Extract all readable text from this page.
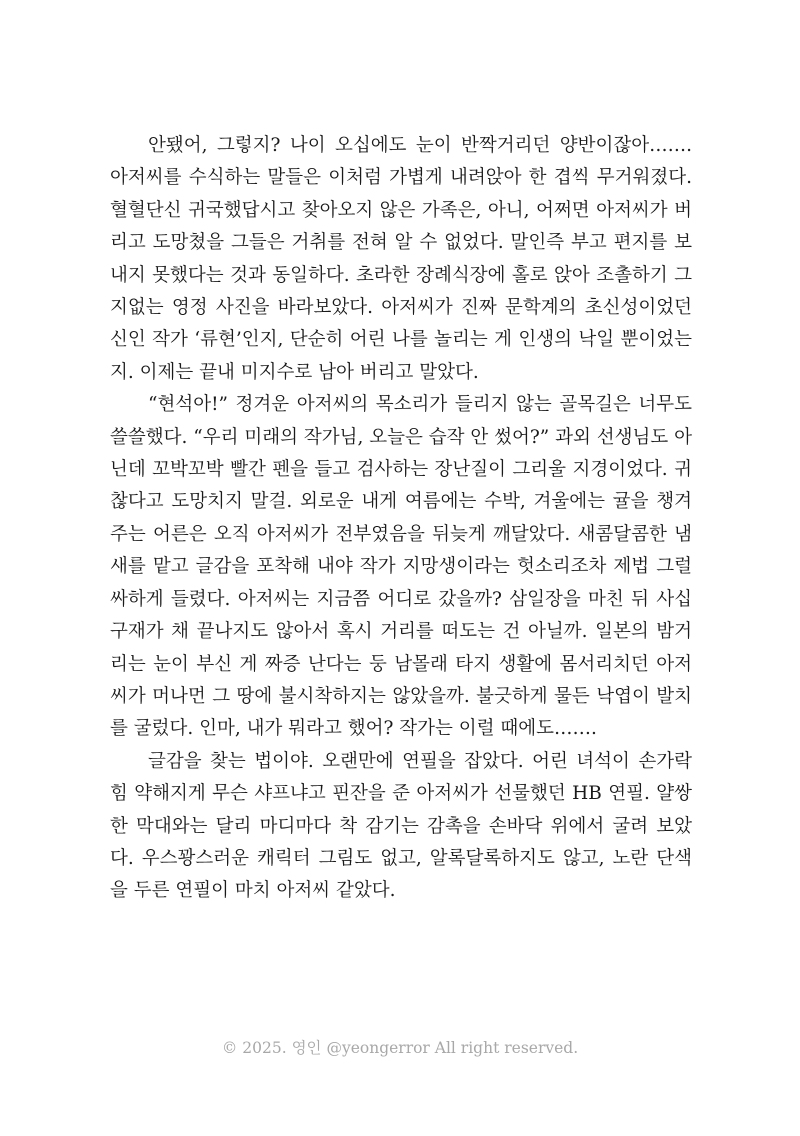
안됐어, 그렇지? 나이 오십에도 눈이 반짝거리던 양반이잖아……. 아저씨를 수식하는 말들은 이처럼 가볍게 내려앉아 한 겹씩 무거워졌다. 혈혈단신 귀국했답시고 찾아오지 않은 가족은, 아니, 어쩌면 아저씨가 버리고 도망쳤을 그들은 거취를 전혀 알 수 없었다. 말인즉 부고 편지를 보내지 못했다는 것과 동일하다. 초라한 장례식장에 홀로 앉아 조촐하기 그지없는 영정 사진을 바라보았다. 아저씨가 진짜 문학계의 초신성이었던 신인 작가 ‘류현’인지, 단순히 어린 나를 놀리는 게 인생의 낙일 뿐이었는지. 이제는 끝내 미지수로 남아 버리고 말았다.

“현석아!” 정겨운 아저씨의 목소리가 들리지 않는 골목길은 너무도 쓸쓸했다. “우리 미래의 작가님, 오늘은 습작 안 썼어?” 과외 선생님도 아닌데 꼬박꼬박 빨간 펜을 들고 검사하는 장난질이 그리울 지경이었다. 귀찮다고 도망치지 말걸. 외로운 내게 여름에는 수박, 겨울에는 귤을 챙겨주는 어른은 오직 아저씨가 전부였음을 뒤늦게 깨달았다. 새콤달콤한 냄새를 맡고 글감을 포착해 내야 작가 지망생이라는 헛소리조차 제법 그럴싸하게 들렸다. 아저씨는 지금쯤 어디로 갔을까? 삼일장을 마친 뒤 사십구재가 채 끝나지도 않아서 혹시 거리를 떠도는 건 아닐까. 일본의 밤거리는 눈이 부신 게 짜증 난다는 둥 남몰래 타지 생활에 몸서리치던 아저씨가 머나먼 그 땅에 불시착하지는 않았을까. 불긋하게 물든 낙엽이 발치를 굴렀다. 인마, 내가 뭐라고 했어? 작가는 이럴 때에도…….

글감을 찾는 법이야. 오랜만에 연필을 잡았다. 어린 녀석이 손가락 힘 약해지게 무슨 샤프냐고 핀잔을 준 아저씨가 선물했던 HB 연필. 얄쌍한 막대와는 달리 마디마다 착 감기는 감촉을 손바닥 위에서 굴려 보았다. 우스꽝스러운 캐릭터 그림도 없고, 알록달록하지도 않고, 노란 단색을 두른 연필이 마치 아저씨 같았다.

© 2025. 영인 @yeongerror All right reserved.
